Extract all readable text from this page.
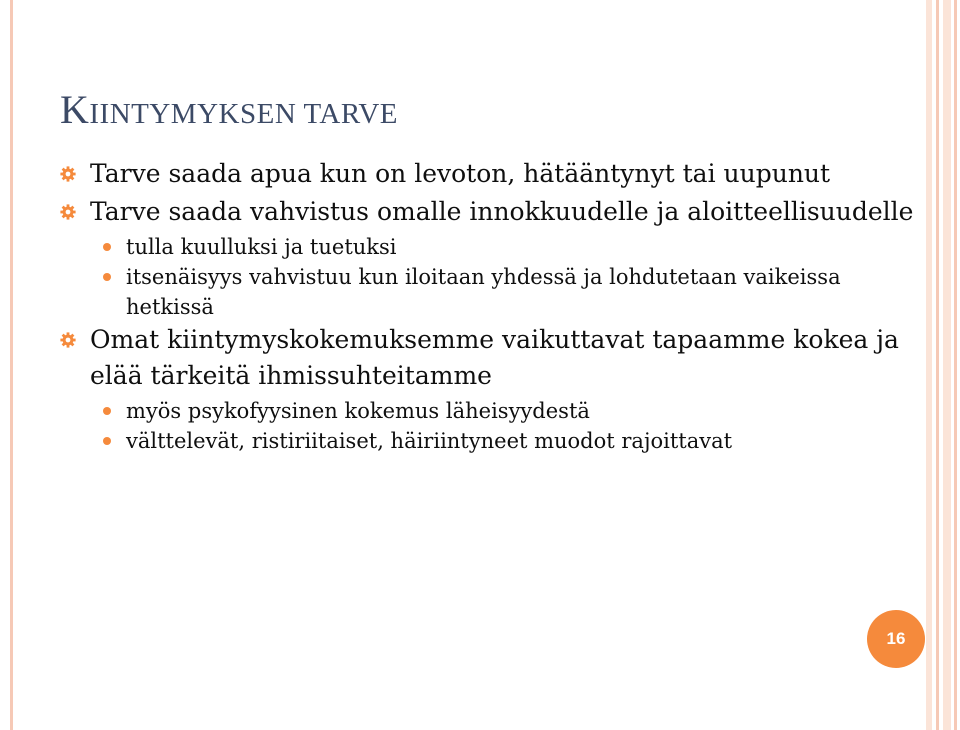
KIINTYMYKSEN TARVE
Tarve saada apua kun on levoton, hätääntynyt tai uupunut
Tarve saada vahvistus omalle innokkuudelle ja aloitteellisuudelle
tulla kuulluksi ja tuetuksi
itsenäisyys vahvistuu kun iloitaan yhdessä ja lohdutetaan vaikeissa hetkissä
Omat kiintymyskokemuksemme vaikuttavat tapaamme kokea ja elää tärkeitä ihmissuhteitamme
myös psykofyysinen kokemus läheisyydestä
välttelevät, ristiriitaiset, häiriintyneet muodot rajoittavat
16
